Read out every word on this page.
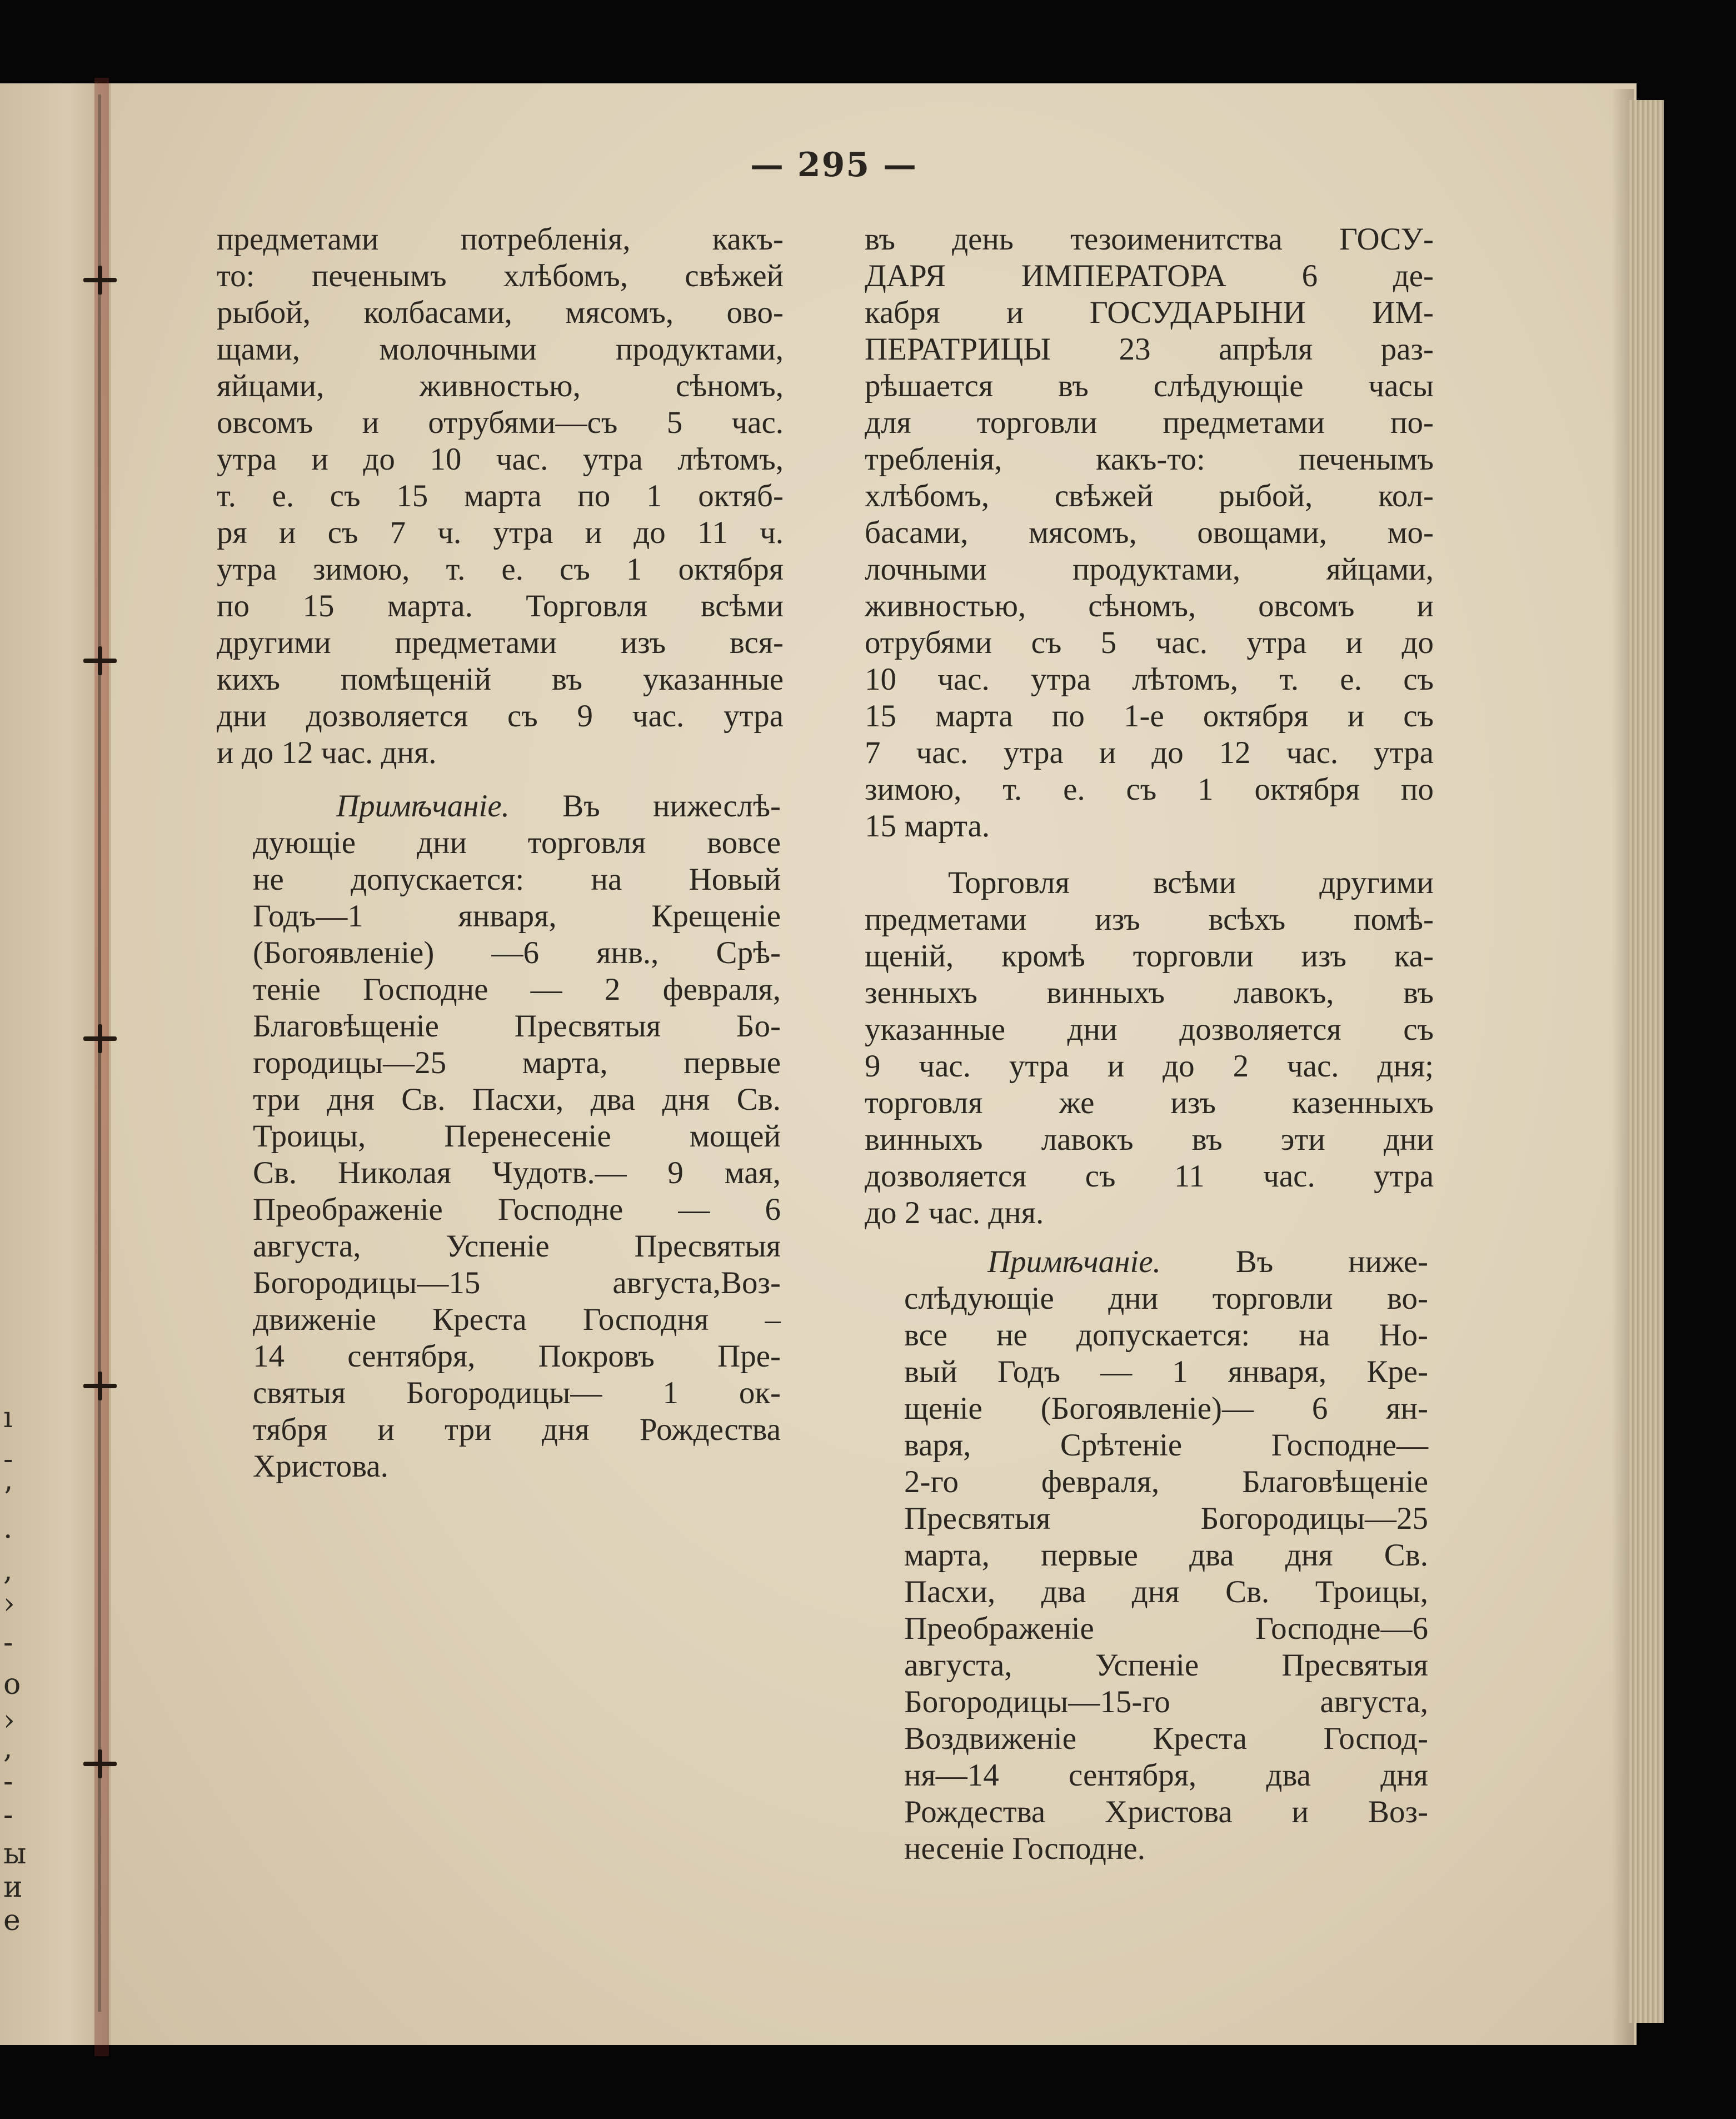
ı
-
’
·
,
›
-
о
›
,
-
-
ы
и
е
— 295 —

предметами потребленія, какъ-

то: печенымъ хлѣбомъ, свѣжей

рыбой, колбасами, мясомъ, ово-

щами, молочными продуктами,

яйцами, живностью, сѣномъ,

овсомъ и отрубями—съ 5 час.

утра и до 10 час. утра лѣтомъ,

т. е. съ 15 марта по 1 октяб-

ря и съ 7 ч. утра и до 11 ч.

утра зимою, т. е. съ 1 октября

по 15 марта. Торговля всѣми

другими предметами изъ вся-

кихъ помѣщеній въ указанные

дни дозволяется съ 9 час. утра

и до 12 час. дня.

Примѣчаніе. Въ нижеслѣ-

дующіе дни торговля вовсе

не допускается: на Новый

Годъ—1 января, Крещеніе

(Богоявленіе) —6 янв., Срѣ-

теніе Господне — 2 февраля,

Благовѣщеніе Пресвятыя Бо-

городицы—25 марта, первые

три дня Св. Пасхи, два дня Св.

Троицы, Перенесеніе мощей

Св. Николая Чудотв.— 9 мая,

Преображеніе Господне — 6

августа, Успеніе Пресвятыя

Богородицы—15 августа,Воз-

движеніе Креста Господня –

14 сентября, Покровъ Пре-

святыя Богородицы— 1 ок-

тября и три дня Рождества

Христова.

въ день тезоименитства ГОСУ-

ДАРЯ ИМПЕРАТОРА 6 де-

кабря и ГОСУДАРЫНИ ИМ-

ПЕРАТРИЦЫ 23 апрѣля раз-

рѣшается въ слѣдующіе часы

для торговли предметами по-

требленія, какъ-то: печенымъ

хлѣбомъ, свѣжей рыбой, кол-

басами, мясомъ, овощами, мо-

лочными продуктами, яйцами,

живностью, сѣномъ, овсомъ и

отрубями съ 5 час. утра и до

10 час. утра лѣтомъ, т. е. съ

15 марта по 1-е октября и съ

7 час. утра и до 12 час. утра

зимою, т. е. съ 1 октября по

15 марта.

Торговля всѣми другими

предметами изъ всѣхъ помѣ-

щеній, кромѣ торговли изъ ка-

зенныхъ винныхъ лавокъ, въ

указанные дни дозволяется съ

9 час. утра и до 2 час. дня;

торговля же изъ казенныхъ

винныхъ лавокъ въ эти дни

дозволяется съ 11 час. утра

до 2 час. дня.

Примѣчаніе. Въ ниже-

слѣдующіе дни торговли во-

все не допускается: на Но-

вый Годъ — 1 января, Кре-

щеніе (Богоявленіе)— 6 ян-

варя, Срѣтеніе Господне—

2-го февраля, Благовѣщеніе

Пресвятыя Богородицы—25

марта, первые два дня Св.

Пасхи, два дня Св. Троицы,

Преображеніе Господне—6

августа, Успеніе Пресвятыя

Богородицы—15-го августа,

Воздвиженіе Креста Господ-

ня—14 сентября, два дня

Рождества Христова и Воз-

несеніе Господне.
